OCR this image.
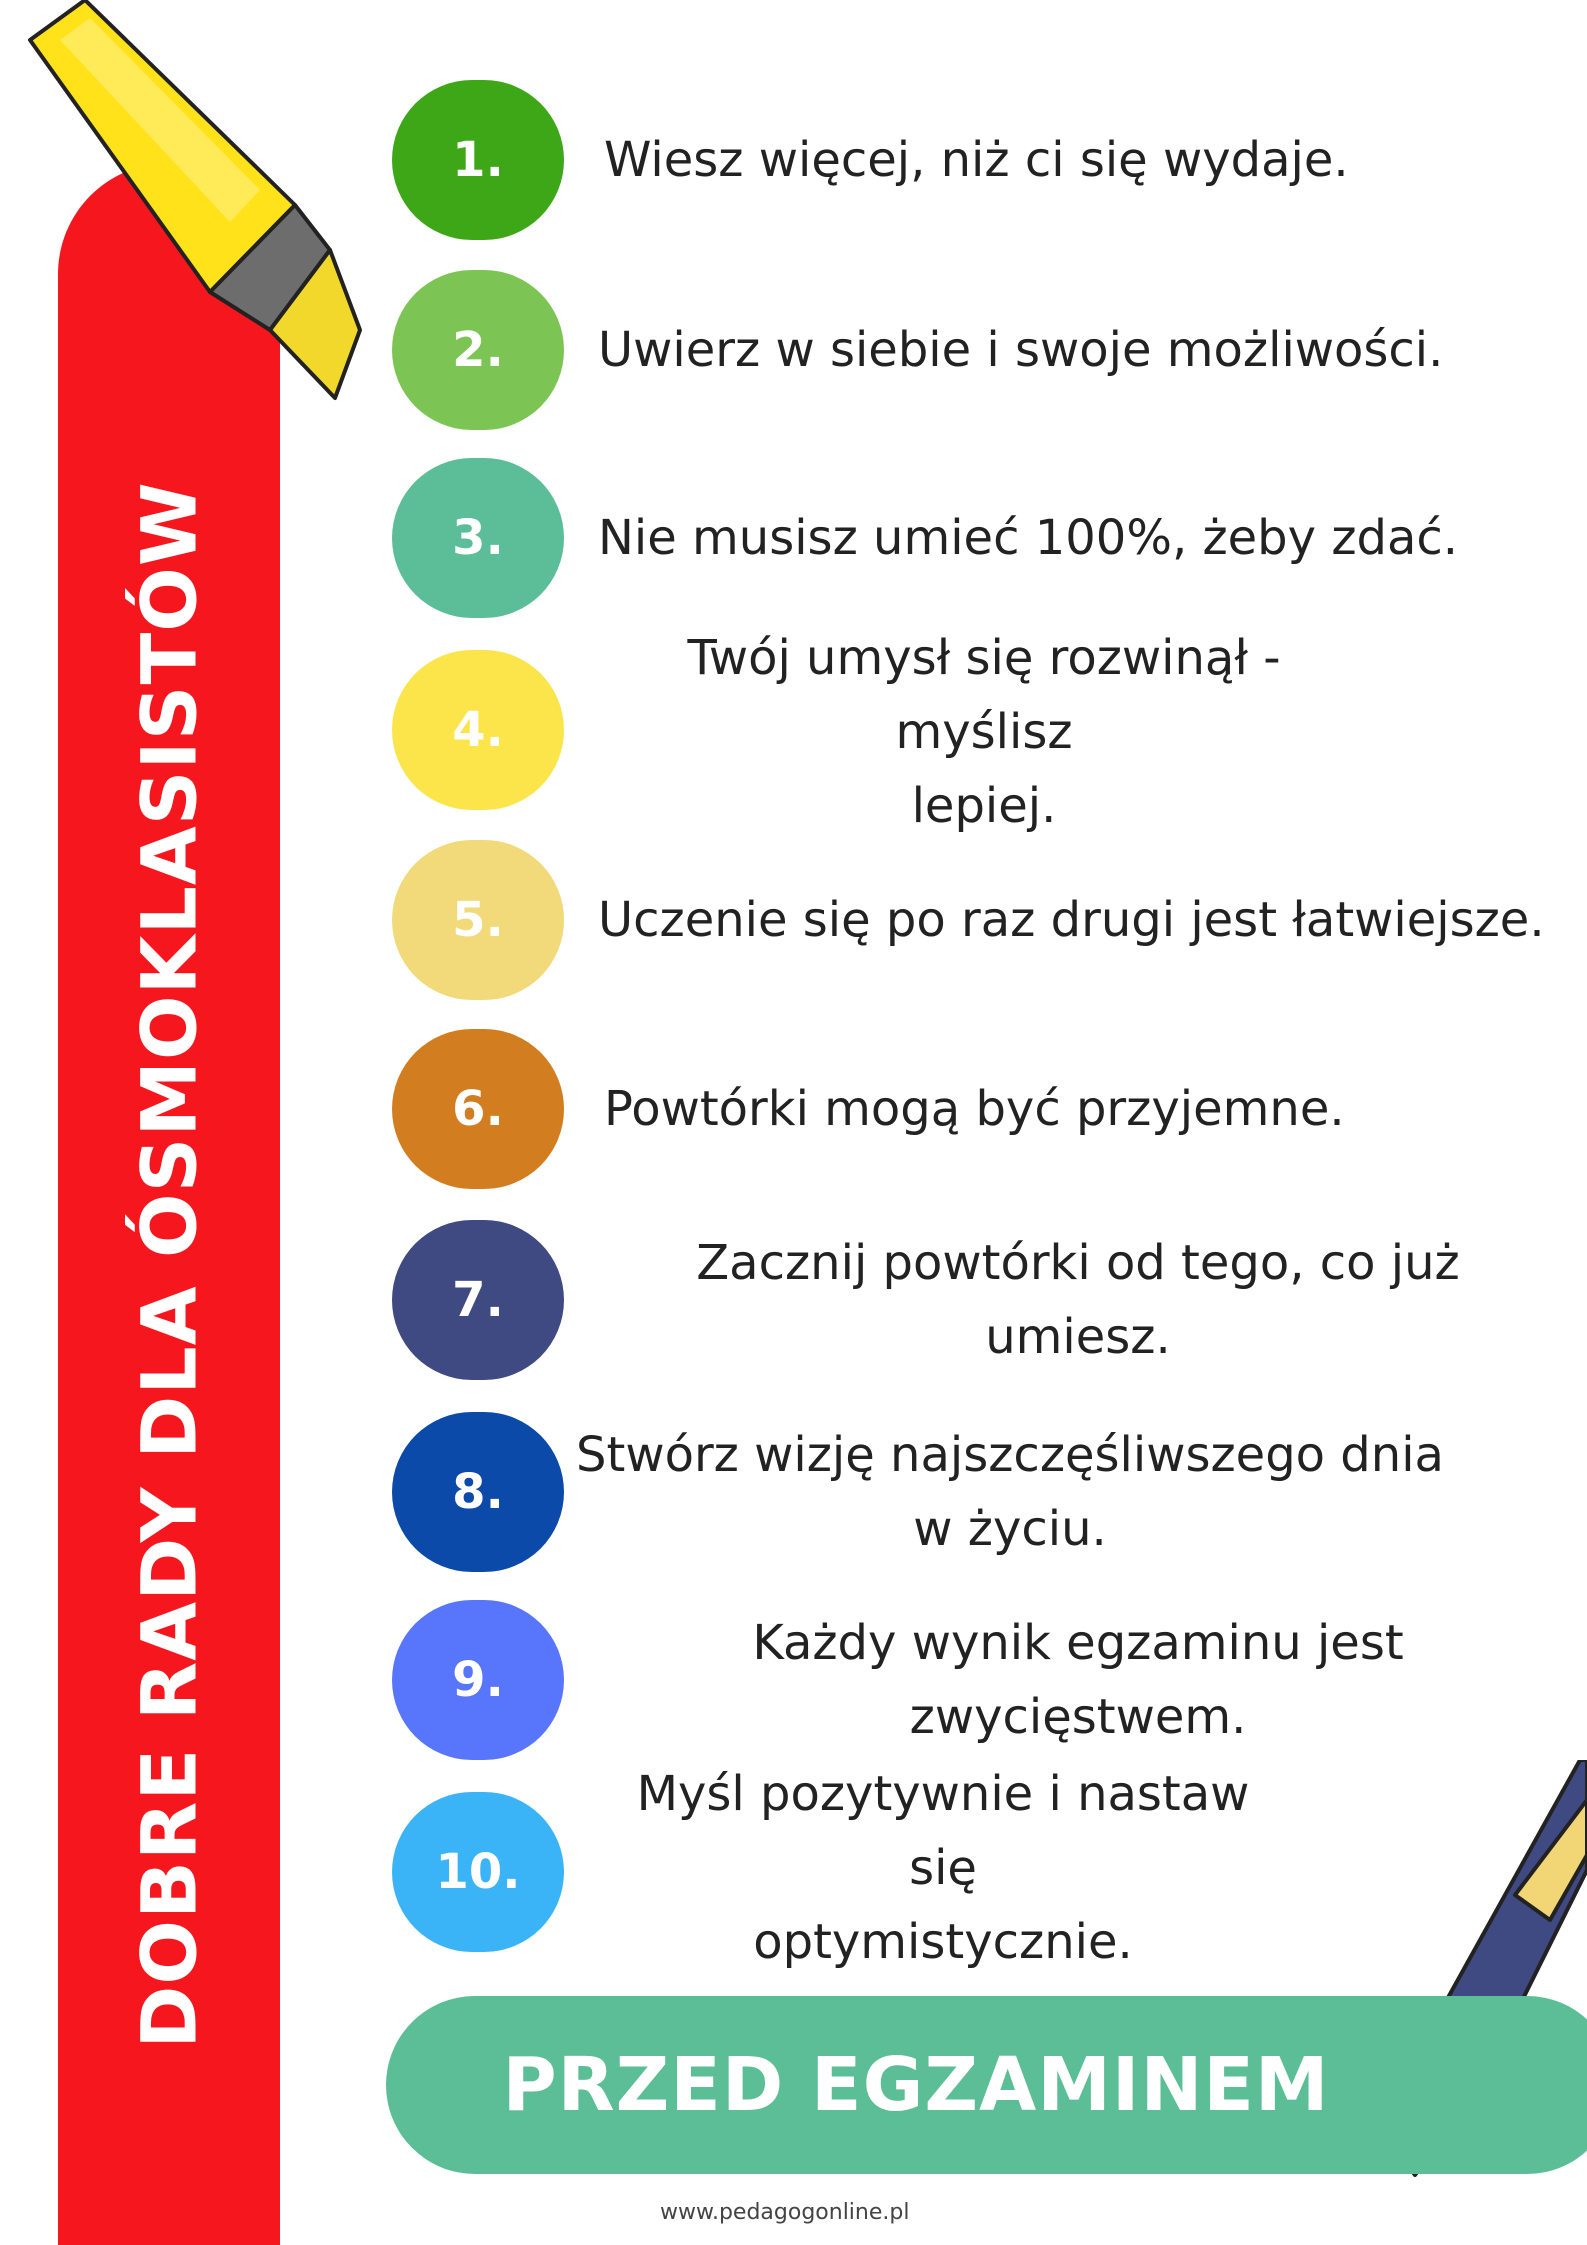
DOBRE RADY DLA ÓSMOKLASISTÓW
1.	Wiesz więcej, niż ci się wydaje.
2.	Uwierz w siebie i swoje możliwości.
3.	Nie musisz umieć 100%, żeby zdać.
4.
Twój umysł się rozwinął - myślisz
lepiej.
5.	Uczenie się po raz drugi jest łatwiejsze.
6.	Powtórki mogą być przyjemne.
7.
Zacznij powtórki od tego, co już umiesz.
8.
Stwórz wizję najszczęśliwszego dnia
w życiu.
9.
Każdy wynik egzaminu jest zwycięstwem.
10.
Myśl pozytywnie i nastaw się
optymistycznie.
PRZED EGZAMINEM
www.pedagogonline.pl
